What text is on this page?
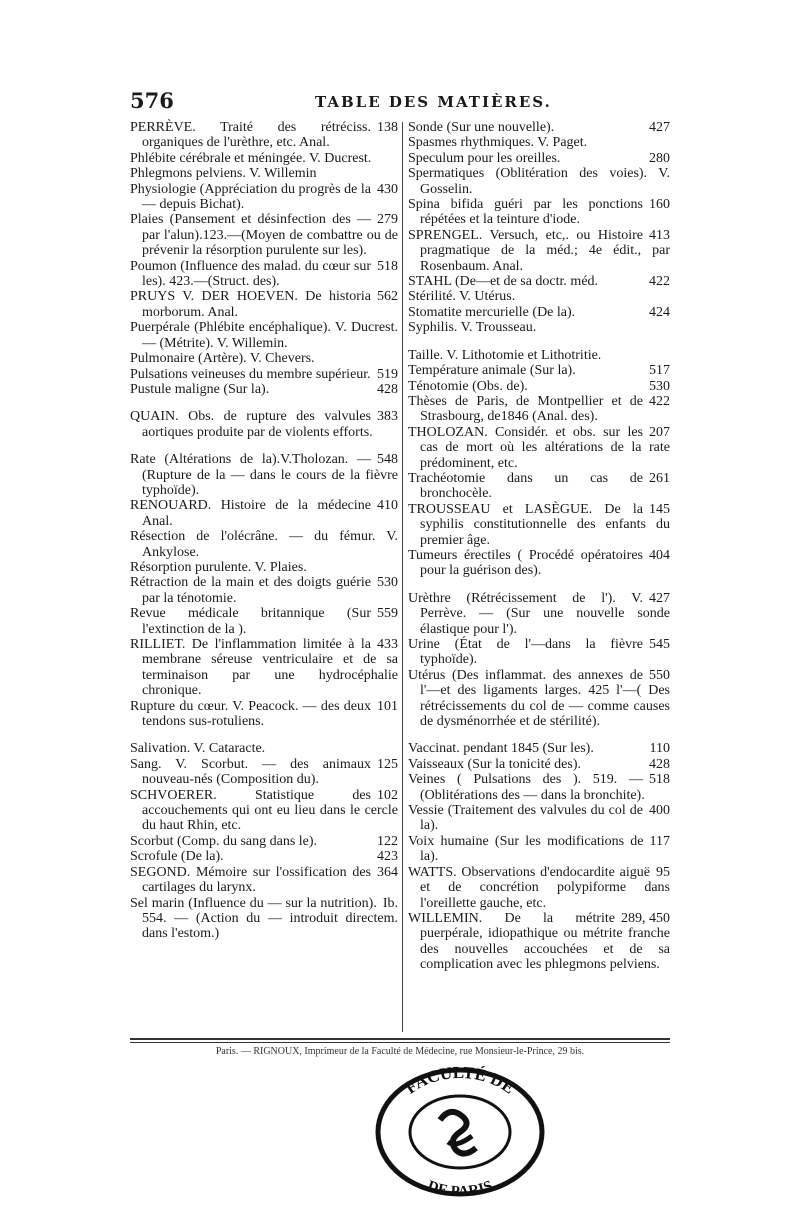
576	TABLE DES MATIÈRES.
138
PERRÈVE. Traité des rétréciss. organiques de l'urèthre, etc. Anal.
Phlébite cérébrale et méningée. V. Ducrest.
Phlegmons pelviens. V. Willemin
430
Physiologie (Appréciation du progrès de la — depuis Bichat).
279
Plaies (Pansement et désinfection des —par l'alun).123.—(Moyen de combattre ou de prévenir la résorption purulente sur les).
518
Poumon (Influence des malad. du cœur sur les). 423.—(Struct. des).
562
PRUYS V. DER HOEVEN. De historia morborum. Anal.
Puerpérale (Phlébite encéphalique). V. Ducrest.— (Métrite). V. Willemin.
Pulmonaire (Artère). V. Chevers.
519
Pulsations veineuses du membre supérieur.
428
Pustule maligne (Sur la).
383
QUAIN. Obs. de rupture des valvules aortiques produite par de violents efforts.
548
Rate (Altérations de la).V.Tholozan. — (Rupture de la — dans le cours de la fièvre typhoïde).
410
RENOUARD. Histoire de la médecine Anal.
Résection de l'olécrâne. — du fémur. V. Ankylose.
Résorption purulente. V. Plaies.
530
Rétraction de la main et des doigts guérie par la ténotomie.
559
Revue médicale britannique (Sur l'extinction de la ).
433
RILLIET. De l'inflammation limitée à la membrane séreuse ventriculaire et de sa terminaison par une hydrocéphalie chronique.
101
Rupture du cœur. V. Peacock. — des deux tendons sus-rotuliens.
Salivation. V. Cataracte.
125
Sang. V. Scorbut. — des animaux nouveau-nés (Composition du).
102
SCHVOERER. Statistique des accouchements qui ont eu lieu dans le cercle du haut Rhin, etc.
122
Scorbut (Comp. du sang dans le).
423
Scrofule (De la).
364
SEGOND. Mémoire sur l'ossification des cartilages du larynx.
Ib.
Sel marin (Influence du — sur la nutrition). 554. — (Action du — introduit directem. dans l'estom.)
427
Sonde (Sur une nouvelle).
Spasmes rhythmiques. V. Paget.
280
Speculum pour les oreilles.
Spermatiques (Oblitération des voies). V. Gosselin.
160
Spina bifida guéri par les ponctions répétées et la teinture d'iode.
413
SPRENGEL. Versuch, etc,. ou Histoire pragmatique de la méd.; 4e édit., par Rosenbaum. Anal.
422
STAHL (De—et de sa doctr. méd.
Stérilité. V. Utérus.
424
Stomatite mercurielle (De la).
Syphilis. V. Trousseau.
Taille. V. Lithotomie et Lithotritie.
517
Température animale (Sur la).
530
Ténotomie (Obs. de).
422
Thèses de Paris, de Montpellier et de Strasbourg, de1846 (Anal. des).
207
THOLOZAN. Considér. et obs. sur les cas de mort où les altérations de la rate prédominent, etc.
261
Trachéotomie dans un cas de bronchocèle.
145
TROUSSEAU et LASÈGUE. De la syphilis constitutionnelle des enfants du premier âge.
404
Tumeurs érectiles ( Procédé opératoires pour la guérison des).
427
Urèthre (Rétrécissement de l'). V. Perrève. — (Sur une nouvelle sonde élastique pour l').
545
Urine (État de l'—dans la fièvre typhoïde).
550
Utérus (Des inflammat. des annexes de l'—et des ligaments larges. 425 l'—( Des rétrécissements du col de — comme causes de dysménorrhée et de stérilité).
110
Vaccinat. pendant 1845 (Sur les).
428
Vaisseaux (Sur la tonicité des).
518
Veines ( Pulsations des ). 519. — (Oblitérations des — dans la bronchite).
400
Vessie (Traitement des valvules du col de la).
117
Voix humaine (Sur les modifications de la).
95
WATTS. Observations d'endocardite aiguë et de concrétion polypiforme dans l'oreillette gauche, etc.
289, 450
WILLEMIN. De la métrite puerpérale, idiopathique ou métrite franche des nouvelles accouchées et de sa complication avec les phlegmons pelviens.
Paris. — RIGNOUX, Imprimeur de la Faculté de Médecine, rue Monsieur-le-Prince, 29 bis.
FACULTÉ DE
DE PARIS
